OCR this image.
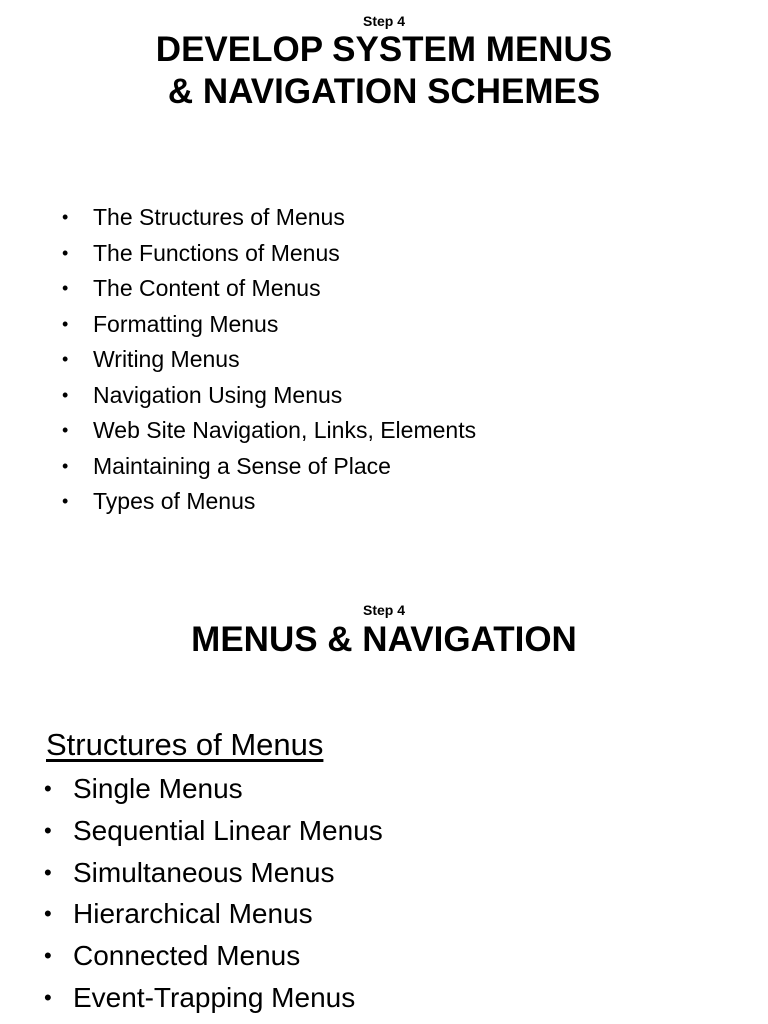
Step 4
DEVELOP SYSTEM MENUS
& NAVIGATION SCHEMES
•	The Structures of Menus
•	The Functions of Menus
•	The Content of Menus
•	Formatting Menus
•	Writing Menus
•	Navigation Using Menus
•	Web Site Navigation, Links, Elements
•	Maintaining a Sense of Place
•	Types of Menus
Step 4
MENUS & NAVIGATION
Structures of Menus
• Single Menus
• Sequential Linear Menus
• Simultaneous Menus
• Hierarchical Menus
• Connected Menus
• Event-Trapping Menus
